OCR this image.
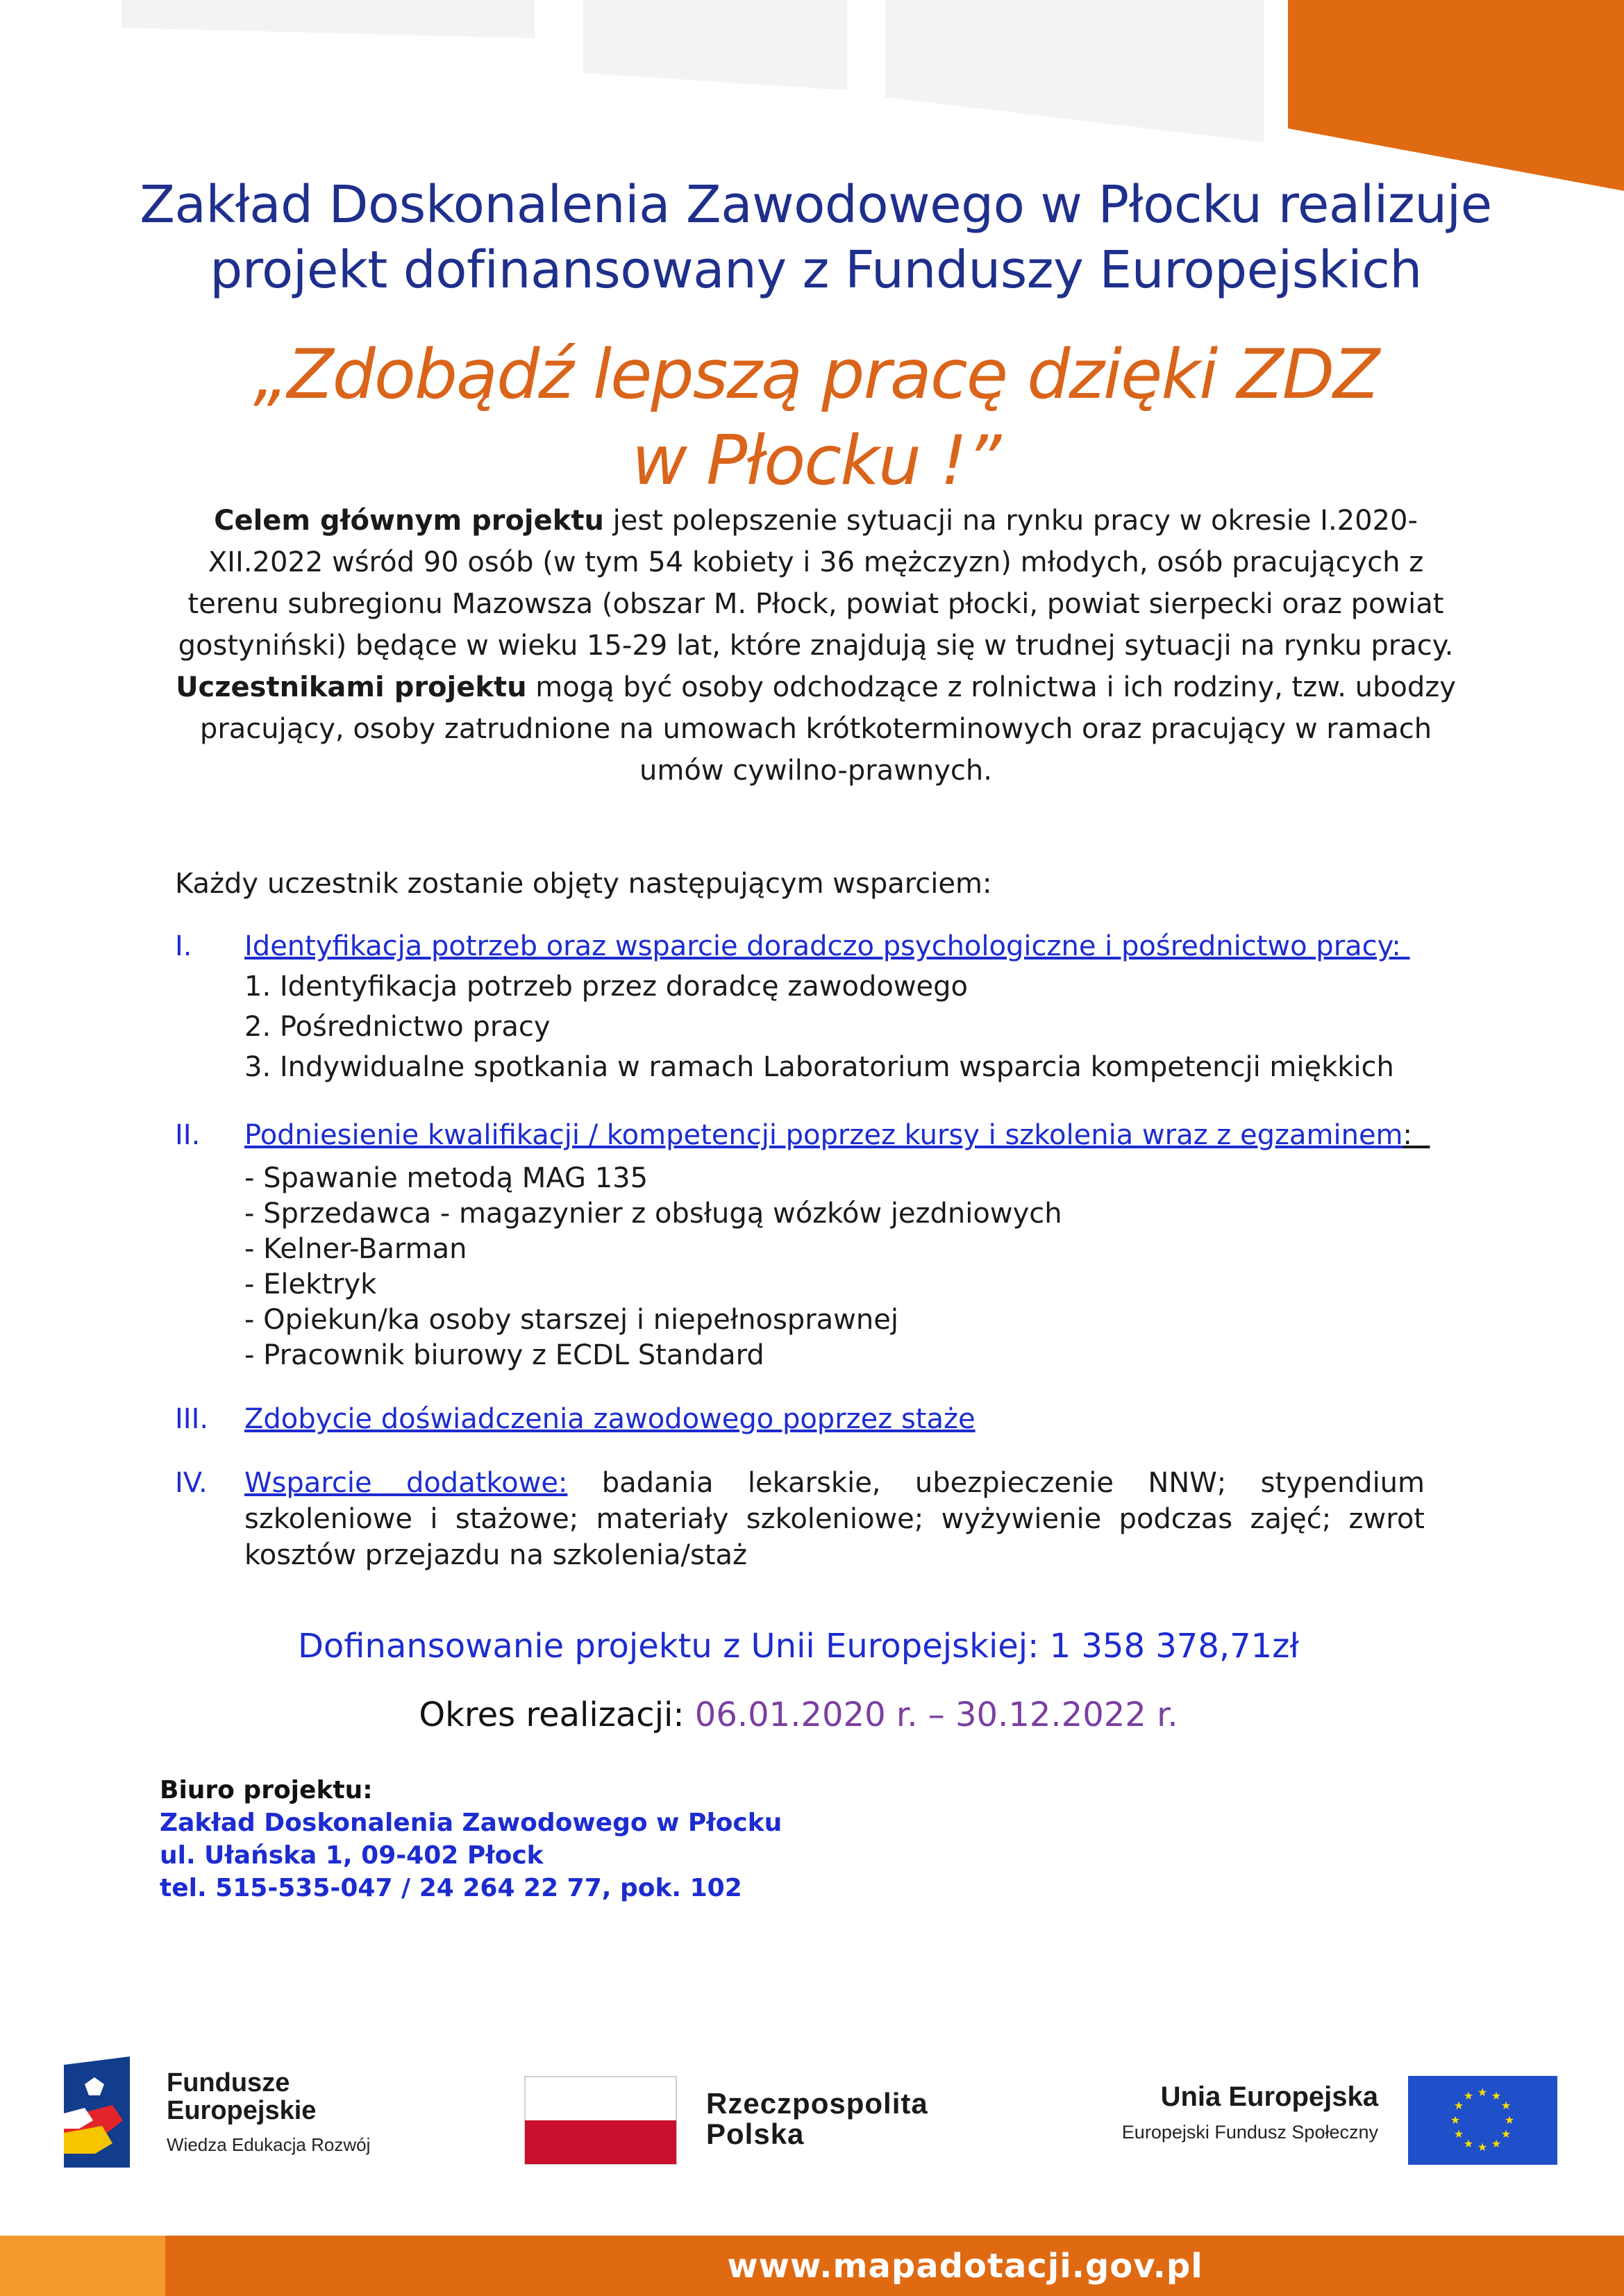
Zakład Doskonalenia Zawodowego w Płocku realizuje
projekt dofinansowany z Funduszy Europejskich
„Zdobądź lepszą pracę dzięki ZDZ
w Płocku !”
Celem głównym projektu jest polepszenie sytuacji na rynku pracy w okresie I.2020-XII.2022 wśród 90 osób (w tym 54 kobiety i 36 mężczyzn) młodych, osób pracujących z terenu subregionu Mazowsza (obszar M. Płock, powiat płocki, powiat sierpecki oraz powiat gostyniński) będące w wieku 15-29 lat, które znajdują się w trudnej sytuacji na rynku pracy.
Uczestnikami projektu mogą być osoby odchodzące z rolnictwa i ich rodziny, tzw. ubodzy pracujący, osoby zatrudnione na umowach krótkoterminowych oraz pracujący w ramach umów cywilno-prawnych.
Każdy uczestnik zostanie objęty następującym wsparciem:
I. Identyfikacja potrzeb oraz wsparcie doradczo psychologiczne i pośrednictwo pracy:
1. Identyfikacja potrzeb przez doradcę zawodowego
2. Pośrednictwo pracy
3. Indywidualne spotkania w ramach Laboratorium wsparcia kompetencji miękkich
II. Podniesienie kwalifikacji / kompetencji poprzez kursy i szkolenia wraz z egzaminem:
- Spawanie metodą MAG 135
- Sprzedawca - magazynier z obsługą wózków jezdniowych
- Kelner-Barman
- Elektryk
- Opiekun/ka osoby starszej i niepełnosprawnej
- Pracownik biurowy z ECDL Standard
III. Zdobycie doświadczenia zawodowego poprzez staże
IV. Wsparcie dodatkowe: badania lekarskie, ubezpieczenie NNW; stypendium szkoleniowe i stażowe; materiały szkoleniowe; wyżywienie podczas zajęć; zwrot kosztów przejazdu na szkolenia/staż
Dofinansowanie projektu z Unii Europejskiej: 1 358 378,71zł
Okres realizacji: 06.01.2020 r. – 30.12.2022 r.
Biuro projektu:
Zakład Doskonalenia Zawodowego w Płocku
ul. Ułańska 1, 09-402 Płock
tel. 515-535-047 / 24 264 22 77, pok. 102
Fundusze
Europejskie
Wiedza Edukacja Rozwój
Rzeczpospolita
Polska
Unia Europejska
Europejski Fundusz Społeczny
★ ★
★
★
★
★
★
★
★
★
★
★
www.mapadotacji.gov.pl
